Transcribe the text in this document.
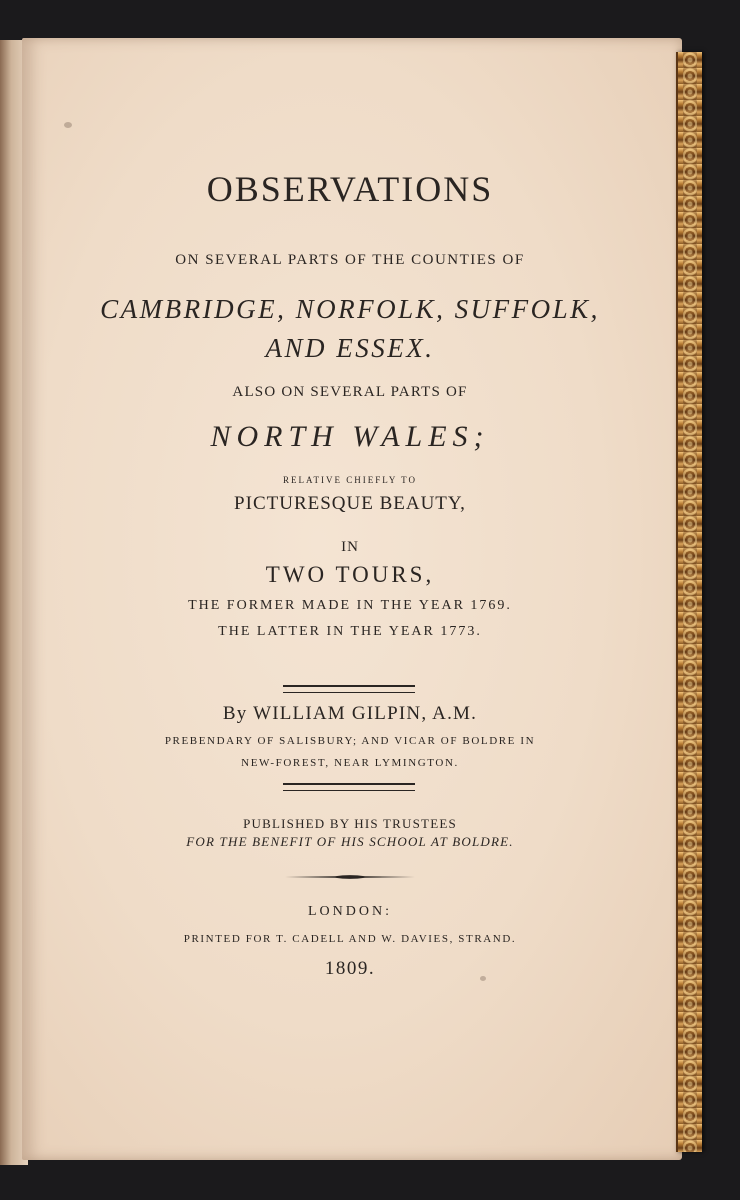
OBSERVATIONS

ON SEVERAL PARTS OF THE COUNTIES OF

CAMBRIDGE, NORFOLK, SUFFOLK,

AND ESSEX.

ALSO ON SEVERAL PARTS OF

NORTH WALES;

RELATIVE CHIEFLY TO

PICTURESQUE BEAUTY,

IN

TWO TOURS,

THE FORMER MADE IN THE YEAR 1769.

THE LATTER IN THE YEAR 1773.

By WILLIAM GILPIN, A.M.

PREBENDARY OF SALISBURY; AND VICAR OF BOLDRE IN

NEW-FOREST, NEAR LYMINGTON.

PUBLISHED BY HIS TRUSTEES

FOR THE BENEFIT OF HIS SCHOOL AT BOLDRE.

LONDON:

PRINTED FOR T. CADELL AND W. DAVIES, STRAND.

1809.
